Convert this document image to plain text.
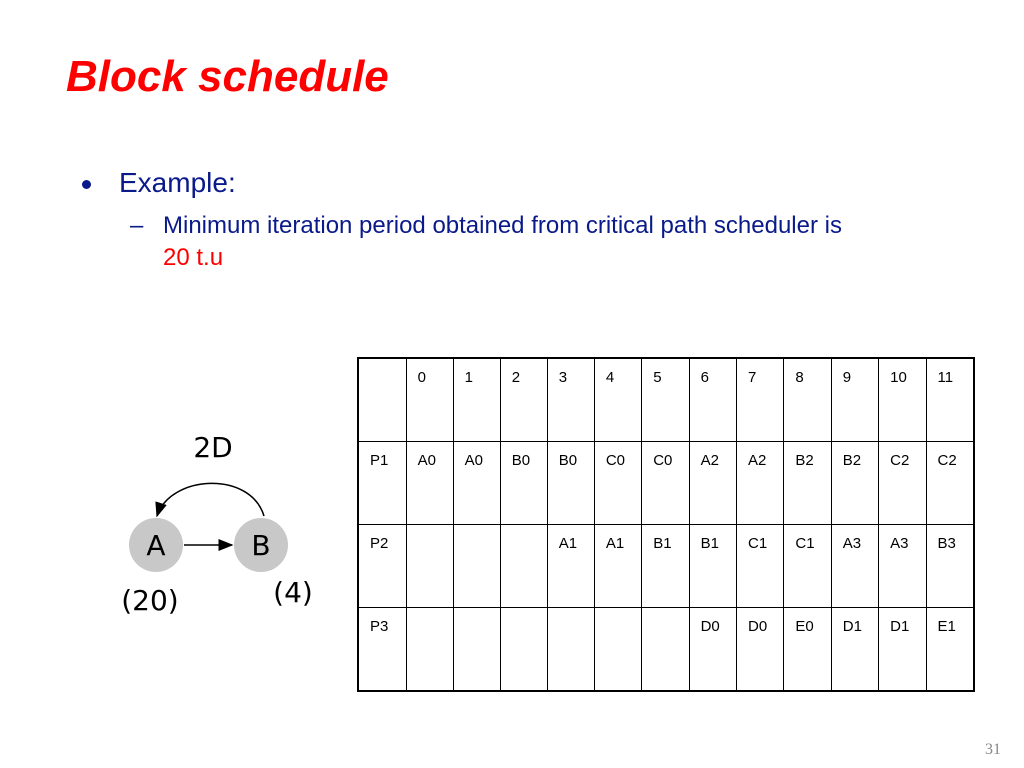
Block schedule
Example:
– Minimum iteration period obtained from critical path scheduler is 20 t.u
2D
A	B
(20)	(4)
	0	1	2	3	4	5	6	7	8	9	10	11
P1	A0	A0	B0	B0	C0	C0	A2	A2	B2	B2	C2	C2
P2				A1	A1	B1	B1	C1	C1	A3	A3	B3
P3							D0	D0	E0	D1	D1	E1
31
